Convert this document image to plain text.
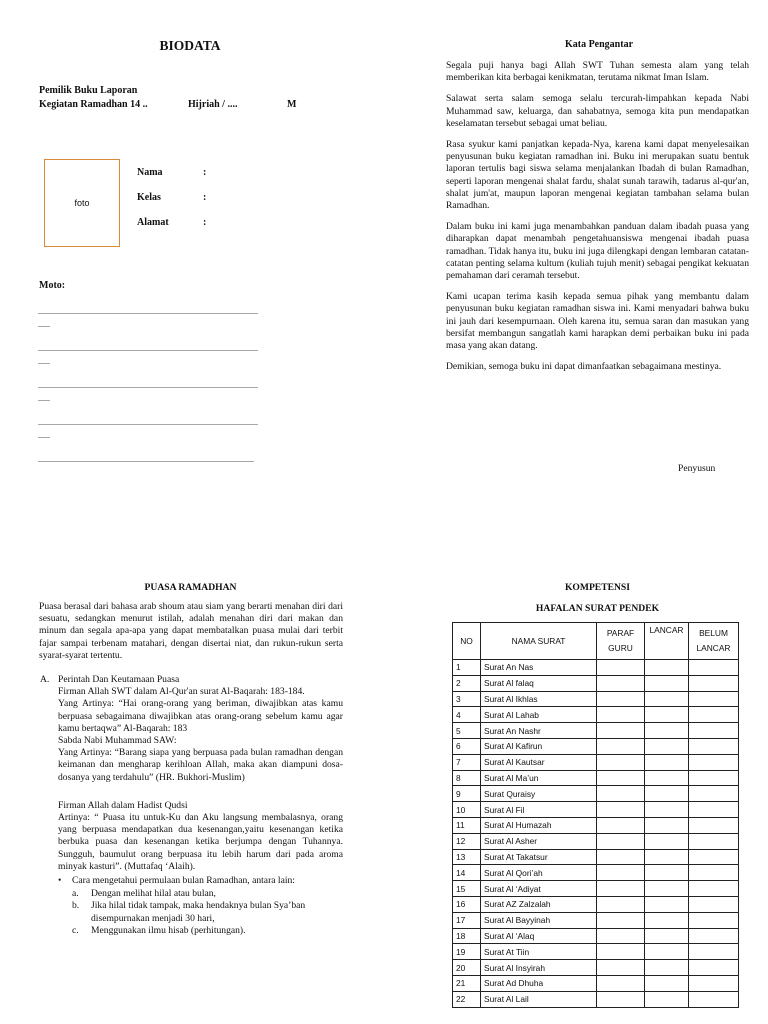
BIODATA
Pemilik Buku Laporan
Kegiatan Ramadhan 14 ..	Hijriah / ....	M
foto
Nama	:
Kelas	:
Alamat	:
Moto:
..............................................................................................................
......
..............................................................................................................
......
..............................................................................................................
......
..............................................................................................................
......
............................................................................................................
Kata Pengantar

Segala puji hanya bagi Allah SWT Tuhan semesta alam yang telah memberikan kita berbagai kenikmatan, terutama nikmat Iman Islam.

Salawat serta salam semoga selalu tercurah-limpahkan kepada Nabi Muhammad saw, keluarga, dan sahabatnya, semoga kita pun mendapatkan keselamatan tersebut sebagai umat beliau.

Rasa syukur kami panjatkan kepada-Nya, karena kami dapat menyelesaikan penyusunan buku kegiatan ramadhan ini. Buku ini merupakan suatu bentuk laporan tertulis bagi siswa selama menjalankan Ibadah di bulan Ramadhan, seperti laporan mengenai shalat fardu, shalat sunah tarawih, tadarus al-qur'an, shalat jum'at, maupun laporan mengenai kegiatan tambahan selama bulan Ramadhan.

Dalam buku ini kami juga menambahkan panduan dalam ibadah puasa yang diharapkan dapat menambah pengetahuansiswa mengenai ibadah puasa ramadhan. Tidak hanya itu, buku ini juga dilengkapi dengan lembaran catatan-catatan penting selama kultum (kuliah tujuh menit) sebagai pengikat kekuatan pemahaman dari ceramah tersebut.

Kami ucapan terima kasih kepada semua pihak yang membantu dalam penyusunan buku kegiatan ramadhan siswa ini. Kami menyadari bahwa buku ini jauh dari kesempurnaan. Oleh karena itu, semua saran dan masukan yang bersifat membangun sangatlah kami harapkan demi perbaikan buku ini pada masa yang akan datang.

Demikian, semoga buku ini dapat dimanfaatkan sebagaimana mestinya.

Penyusun
PUASA RAMADHAN

Puasa berasal dari bahasa arab shoum atau siam yang berarti menahan diri dari sesuatu, sedangkan menurut istilah, adalah menahan diri dari makan dan minum dan segala apa-apa yang dapat membatalkan puasa mulai dari terbit fajar sampai terbenam matahari, dengan disertai niat, dan rukun-rukun serta syarat-syarat tertentu.

A. Perintah Dan Keutamaan Puasa

Firman Allah SWT dalam Al-Qur'an surat Al-Baqarah: 183-184.

Yang Artinya: “Hai orang-orang yang beriman, diwajibkan atas kamu berpuasa sebagaimana diwajibkan atas orang-orang sebelum kamu agar kamu bertaqwa” Al-Baqarah: 183

Sabda Nabi Muhammad SAW:

Yang Artinya: “Barang siapa yang berpuasa pada bulan ramadhan dengan keimanan dan mengharap kerihloan Allah, maka akan diampuni dosa-dosanya yang terdahulu” (HR. Bukhori-Muslim)

Firman Allah dalam Hadist Qudsi

Artinya: “ Puasa itu untuk-Ku dan Aku langsung membalasnya, orang yang berpuasa mendapatkan dua kesenangan,yaitu kesenangan ketika berbuka puasa dan kesenangan ketika berjumpa dengan Tuhannya. Sungguh, baumulut orang berpuasa itu lebih harum dari pada aroma minyak kasturi”. (Muttafaq ‘Alaih).

• Cara mengetahui permulaan bulan Ramadhan, antara lain:
a. Dengan melihat hilal atau bulan,
b. Jika hilal tidak tampak, maka hendaknya bulan Sya’ban disempurnakan menjadi 30 hari,
c. Menggunakan ilmu hisab (perhitungan).
KOMPETENSI
HAFALAN SURAT PENDEK
NO	NAMA SURAT	PARAF GURU	LANCAR	BELUM LANCAR
1	Surat An Nas			
2	Surat Al falaq			
3	Surat Al Ikhlas			
4	Surat Al Lahab			
5	Surat An Nashr			
6	Surat Al Kafirun			
7	Surat Al Kautsar			
8	Surat Al Ma’un			
9	Surat Quraisy			
10	Surat Al Fil			
11	Surat Al Humazah			
12	Surat Al Asher			
13	Surat At Takatsur			
14	Surat Al Qori’ah			
15	Surat Al ‘Adiyat			
16	Surat AZ Zalzalah			
17	Surat Al Bayyinah			
18	Surat Al ‘Alaq			
19	Surat At Tiin			
20	Surat Al Insyirah			
21	Surat Ad Dhuha			
22	Surat Al Lail			
